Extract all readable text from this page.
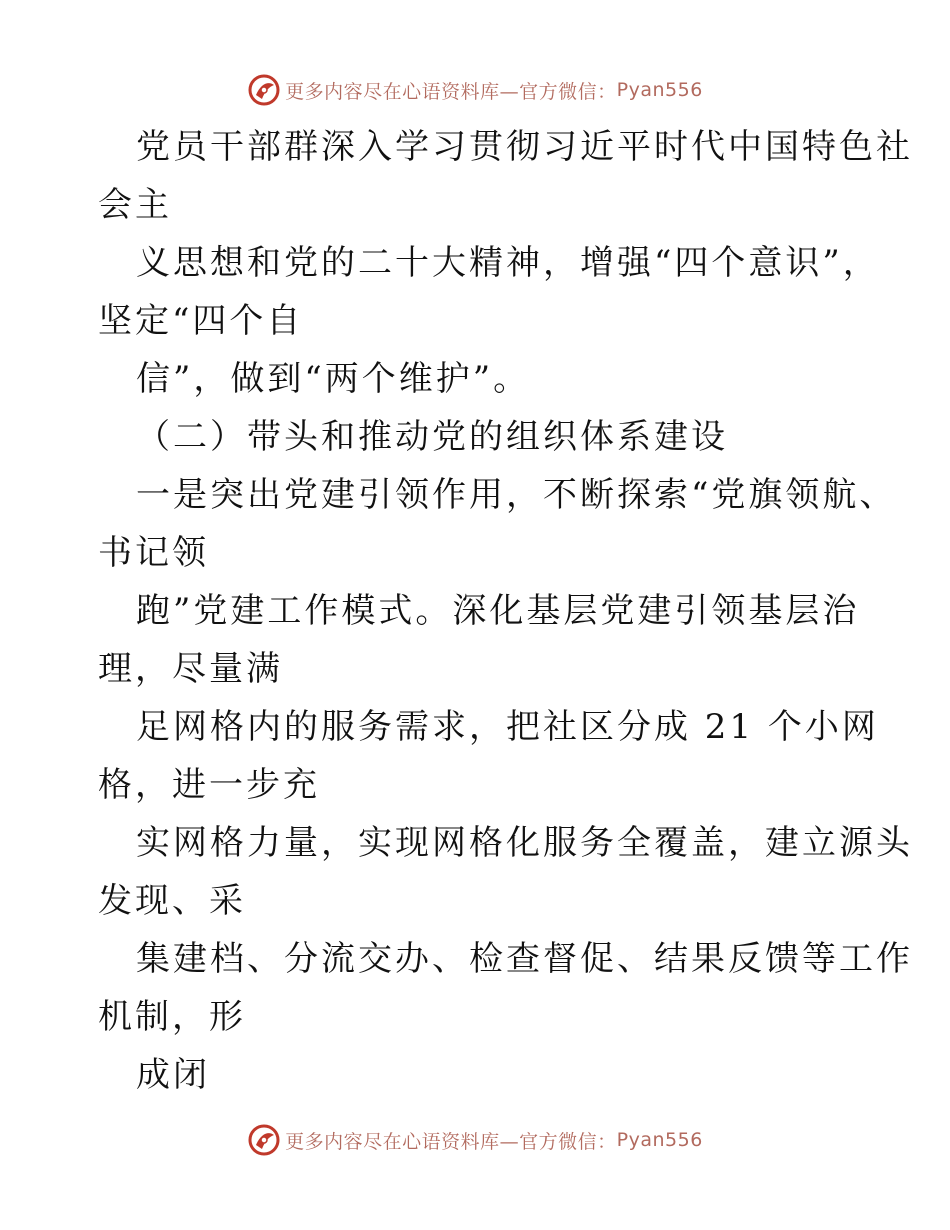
更多内容尽在心语资料库—官方微信： Pyan556
党员干部群深入学习贯彻习近平时代中国特色社
会主
义思想和党的二十大精神，增强“四个意识”，
坚定“四个自
信”，做到“两个维护”。
（二）带头和推动党的组织体系建设
一是突出党建引领作用，不断探索“党旗领航、
书记领
跑”党建工作模式。深化基层党建引领基层治
理，尽量满
足网格内的服务需求，把社区分成 21 个小网
格，进一步充
实网格力量，实现网格化服务全覆盖，建立源头
发现、采
集建档、分流交办、检查督促、结果反馈等工作
机制，形
成闭
更多内容尽在心语资料库—官方微信： Pyan556
